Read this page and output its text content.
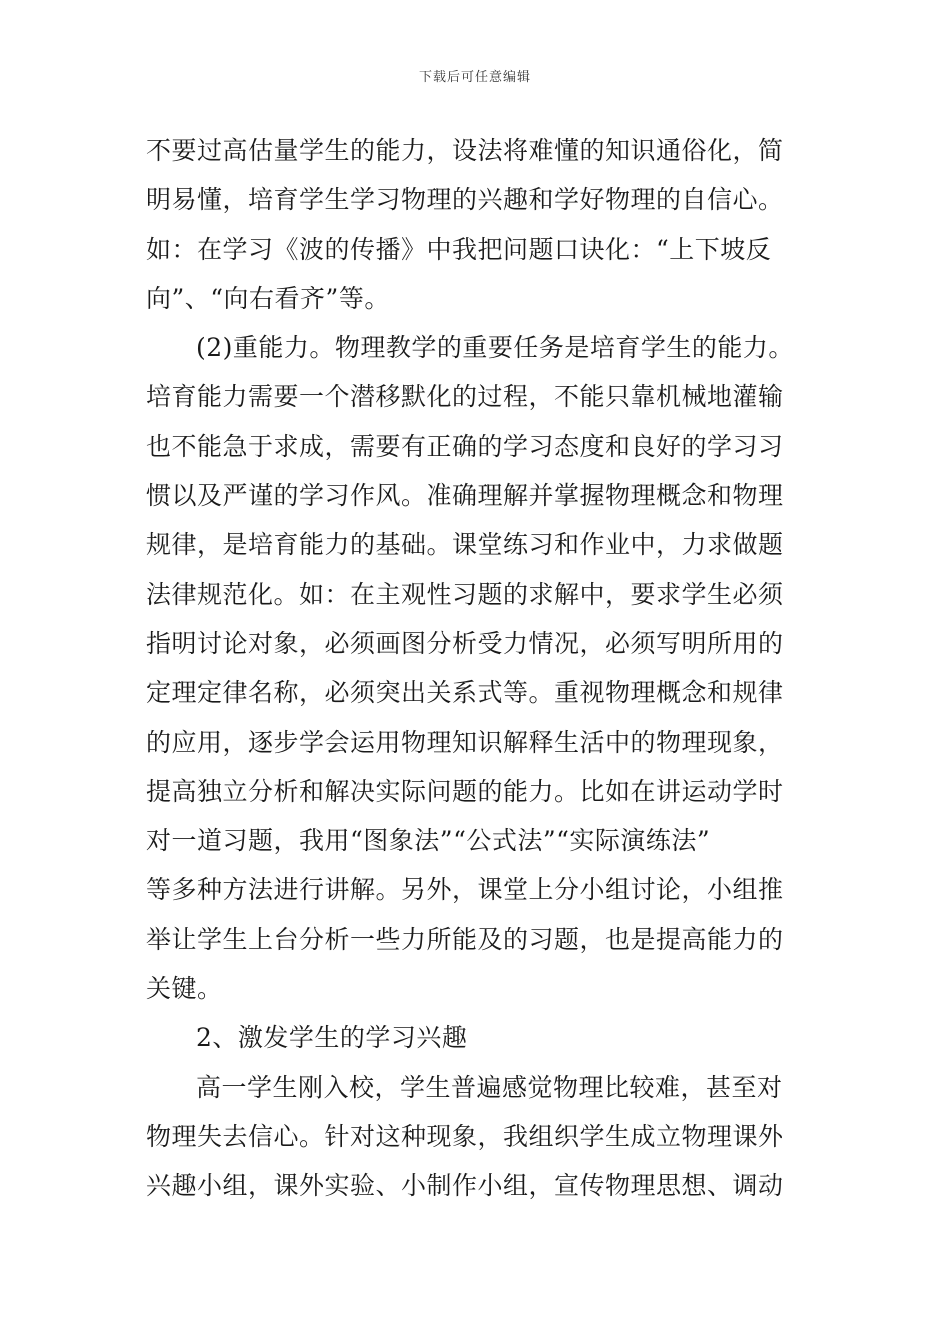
下载后可任意编辑
不要过高估量学生的能力，设法将难懂的知识通俗化，简
明易懂，培育学生学习物理的兴趣和学好物理的自信心。
如：在学习《波的传播》中我把问题口诀化：“上下坡反
向”、“向右看齐”等。
(2)重能力。物理教学的重要任务是培育学生的能力。
培育能力需要一个潜移默化的过程，不能只靠机械地灌输
也不能急于求成，需要有正确的学习态度和良好的学习习
惯以及严谨的学习作风。准确理解并掌握物理概念和物理
规律，是培育能力的基础。课堂练习和作业中，力求做题
法律规范化。如：在主观性习题的求解中，要求学生必须
指明讨论对象，必须画图分析受力情况，必须写明所用的
定理定律名称，必须突出关系式等。重视物理概念和规律
的应用，逐步学会运用物理知识解释生活中的物理现象，
提高独立分析和解决实际问题的能力。比如在讲运动学时
对一道习题，我用“图象法”“公式法”“实际演练法”
等多种方法进行讲解。另外，课堂上分小组讨论，小组推
举让学生上台分析一些力所能及的习题，也是提高能力的
关键。
2、激发学生的学习兴趣
高一学生刚入校，学生普遍感觉物理比较难，甚至对
物理失去信心。针对这种现象，我组织学生成立物理课外
兴趣小组，课外实验、小制作小组，宣传物理思想、调动
